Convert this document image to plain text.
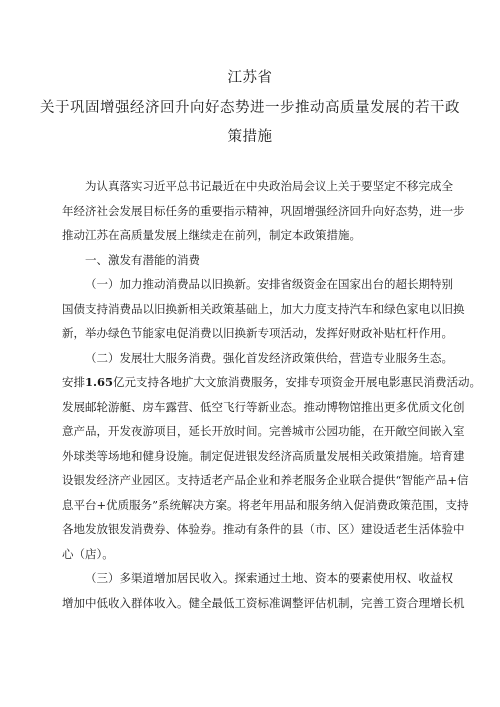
江苏省
关于巩固增强经济回升向好态势进一步推动高质量发展的若干政
策措施
为认真落实习近平总书记最近在中央政治局会议上关于要坚定不移完成全
年经济社会发展目标任务的重要指示精神，巩固增强经济回升向好态势，进一步
推动江苏在高质量发展上继续走在前列，制定本政策措施。
一、激发有潜能的消费
（一）加力推动消费品以旧换新。安排省级资金在国家出台的超长期特别
国债支持消费品以旧换新相关政策基础上，加大力度支持汽车和绿色家电以旧换
新，举办绿色节能家电促消费以旧换新专项活动，发挥好财政补贴杠杆作用。
（二）发展壮大服务消费。强化首发经济政策供给，营造专业服务生态。
安排1.65亿元支持各地扩大文旅消费服务，安排专项资金开展电影惠民消费活动。
发展邮轮游艇、房车露营、低空飞行等新业态。推动博物馆推出更多优质文化创
意产品，开发夜游项目，延长开放时间。完善城市公园功能，在开敞空间嵌入室
外球类等场地和健身设施。制定促进银发经济高质量发展相关政策措施。培育建
设银发经济产业园区。支持适老产品企业和养老服务企业联合提供“智能产品+信
息平台+优质服务”系统解决方案。将老年用品和服务纳入促消费政策范围，支持
各地发放银发消费券、体验券。推动有条件的县（市、区）建设适老生活体验中
心（店）。
（三）多渠道增加居民收入。探索通过土地、资本的要素使用权、收益权
增加中低收入群体收入。健全最低工资标准调整评估机制，完善工资合理增长机
